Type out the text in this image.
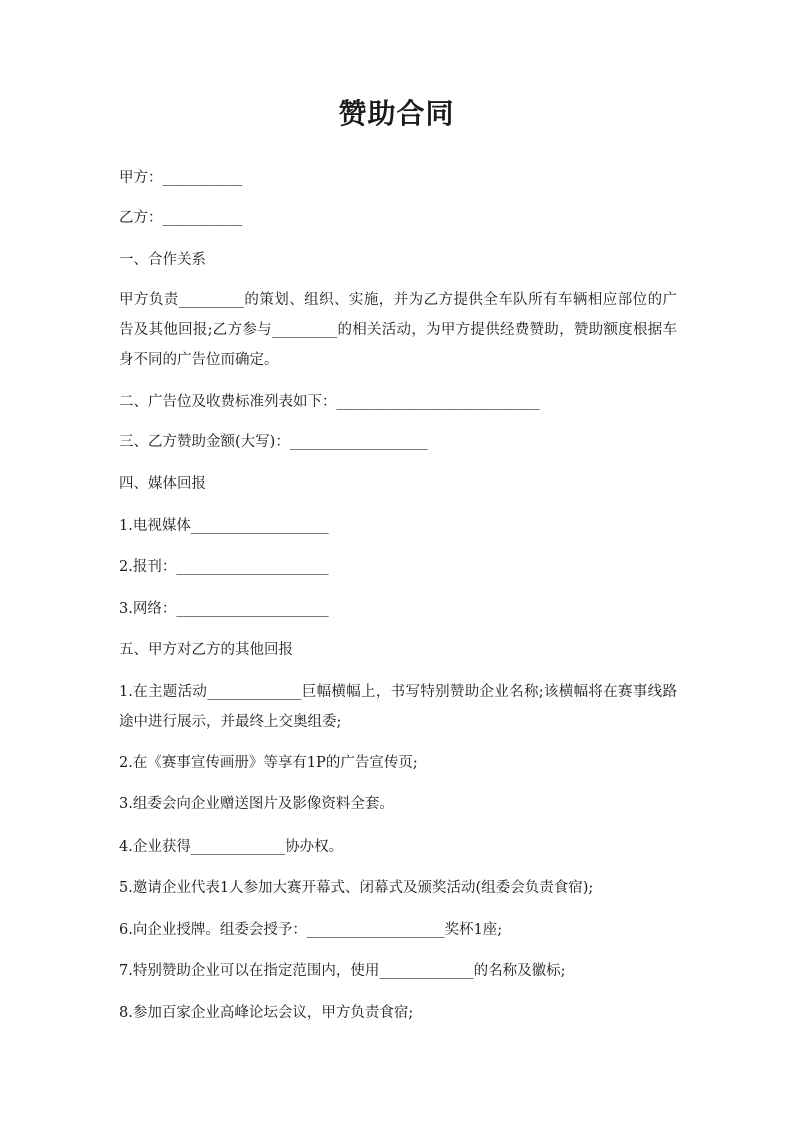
赞助合同
甲方：___________
乙方：___________
一、合作关系
甲方负责_________的策划、组织、实施，并为乙方提供全车队所有车辆相应部位的广告及其他回报;乙方参与_________的相关活动，为甲方提供经费赞助，赞助额度根据车身不同的广告位而确定。
二、广告位及收费标准列表如下：____________________________
三、乙方赞助金额(大写)：___________________
四、媒体回报
1.电视媒体___________________
2.报刊：_____________________
3.网络：_____________________
五、甲方对乙方的其他回报
1.在主题活动_____________巨幅横幅上，书写特别赞助企业名称;该横幅将在赛事线路途中进行展示，并最终上交奥组委;
2.在《赛事宣传画册》等享有1P的广告宣传页;
3.组委会向企业赠送图片及影像资料全套。
4.企业获得_____________协办权。
5.邀请企业代表1人参加大赛开幕式、闭幕式及颁奖活动(组委会负责食宿);
6.向企业授牌。组委会授予：___________________奖杯1座;
7.特别赞助企业可以在指定范围内，使用_____________的名称及徽标;
8.参加百家企业高峰论坛会议，甲方负责食宿;
